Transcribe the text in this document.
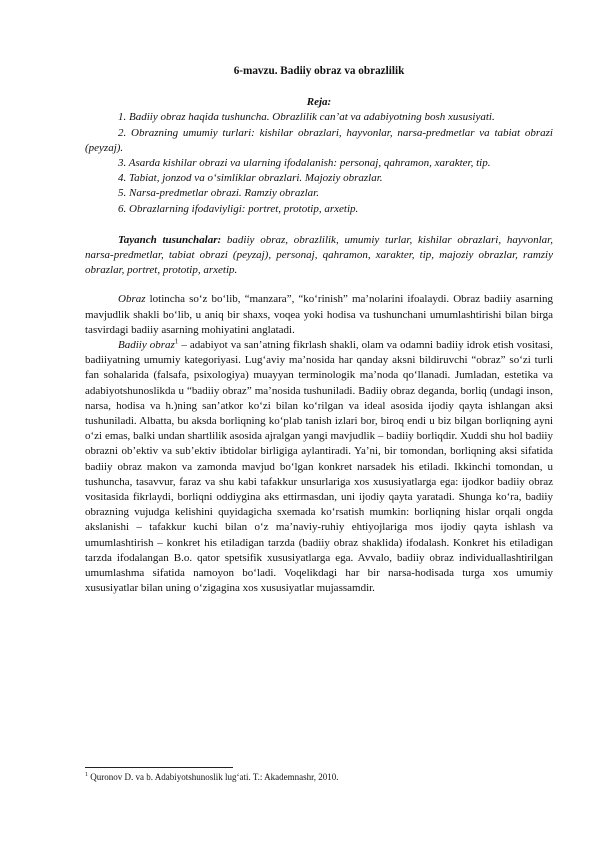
6-mavzu. Badiiy obraz va obrazlilik

Reja:

1. Badiiy obraz haqida tushuncha. Obrazlilik can’at va adabiyotning bosh xususiyati.

2. Obrazning umumiy turlari: kishilar obrazlari, hayvonlar, narsa-predmetlar va tabiat obrazi (peyzaj).

3. Asarda kishilar obrazi va ularning ifodalanish: personaj, qahramon, xarakter, tip.

4. Tabiat, jonzod va o‘simliklar obrazlari. Majoziy obrazlar.

5. Narsa-predmetlar obrazi. Ramziy obrazlar.

6. Obrazlarning ifodaviyligi: portret, prototip, arxetip.

Tayanch tusunchalar: badiiy obraz, obrazlilik, umumiy turlar, kishilar obrazlari, hayvonlar, narsa-predmetlar, tabiat obrazi (peyzaj), personaj, qahramon, xarakter, tip, majoziy obrazlar, ramziy obrazlar, portret, prototip, arxetip.

Obraz lotincha so‘z bo‘lib, “manzara”, “ko‘rinish” ma’nolarini ifoalaydi. Obraz badiiy asarning mavjudlik shakli bo‘lib, u aniq bir shaxs, voqea yoki hodisa va tushunchani umumlashtirishi bilan birga tasvirdagi badiiy asarning mohiyatini anglatadi.

Badiiy obraz$^1$ – adabiyot va san’atning fikrlash shakli, olam va odamni badiiy idrok etish vositasi, badiiyatning umumiy kategoriyasi. Lug‘aviy ma’nosida har qanday aksni bildiruvchi “obraz” so‘zi turli fan sohalarida (falsafa, psixologiya) muayyan terminologik ma’noda qo‘llanadi. Jumladan, estetika va adabiyotshunoslikda u “badiiy obraz” ma’nosida tushuniladi. Badiiy obraz deganda, borliq (undagi inson, narsa, hodisa va h.)ning san’atkor ko‘zi bilan ko‘rilgan va ideal asosida ijodiy qayta ishlangan aksi tushuniladi. Albatta, bu aksda borliqning ko‘plab tanish izlari bor, biroq endi u biz bilgan borliqning ayni o‘zi emas, balki undan shartlilik asosida ajralgan yangi mavjudlik – badiiy borliqdir. Xuddi shu hol badiiy obrazni ob’ektiv va sub’ektiv ibtidolar birligiga aylantiradi. Ya’ni, bir tomondan, borliqning aksi sifatida badiiy obraz makon va zamonda mavjud bo‘lgan konkret narsadek his etiladi. Ikkinchi tomondan, u tushuncha, tasavvur, faraz va shu kabi tafakkur unsurlariga xos xususiyatlarga ega: ijodkor badiiy obraz vositasida fikrlaydi, borliqni oddiygina aks ettirmasdan, uni ijodiy qayta yaratadi. Shunga ko‘ra, badiiy obrazning vujudga kelishini quyidagicha sxemada ko‘rsatish mumkin: borliqning hislar orqali ongda akslanishi – tafakkur kuchi bilan o‘z ma’naviy-ruhiy ehtiyojlariga mos ijodiy qayta ishlash va umumlashtirish – konkret his etiladigan tarzda (badiiy obraz shaklida) ifodalash. Konkret his etiladigan tarzda ifodalangan B.o. qator spetsifik xususiyatlarga ega. Avvalo, badiiy obraz individuallashtirilgan umumlashma sifatida namoyon bo‘ladi. Voqelikdagi har bir narsa-hodisada turga xos umumiy xususiyatlar bilan uning o‘zigagina xos xususiyatlar mujassamdir.

$^1$ Quronov D. va b. Adabiyotshunoslik lug‘ati. T.: Akademnashr, 2010.
